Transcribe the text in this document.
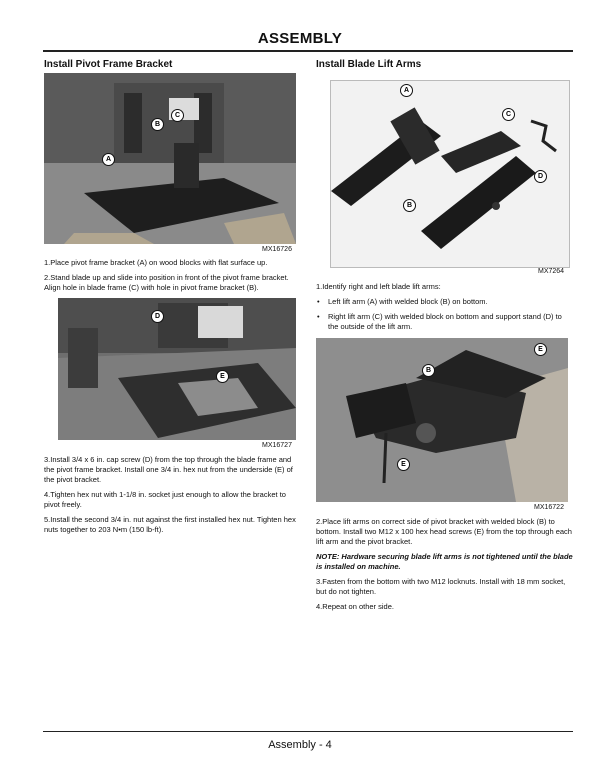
ASSEMBLY
Install Pivot Frame Bracket
C
B
A
MX16726

1.Place pivot frame bracket (A) on wood blocks with flat surface up.

2.Stand blade up and slide into position in front of the pivot frame bracket. Align hole in blade frame (C) with hole in pivot frame bracket (B).

D
E
MX16727

3.Install 3/4 x 6 in. cap screw (D) from the top through the blade frame and the pivot frame bracket. Install one 3/4 in. hex nut from the underside (E) of the pivot bracket.

4.Tighten hex nut with 1-1/8 in. socket just enough to allow the bracket to pivot freely.

5.Install the second 3/4 in. nut against the first installed hex nut. Tighten hex nuts together to 203 N•m (150 lb-ft).

Install Blade Lift Arms
A
C
D
B
MX7264

1.Identify right and left blade lift arms:

• Left lift arm (A) with welded block (B) on bottom.
• Right lift arm (C) with welded block on bottom and support stand (D) to the outside of the lift arm.
E
B
E
MX16722

2.Place lift arms on correct side of pivot bracket with welded block (B) to bottom. Install two M12 x 100 hex head screws (E) from the top through each lift arm and the pivot bracket.

NOTE: Hardware securing blade lift arms is not tightened until the blade is installed on machine.

3.Fasten from the bottom with two M12 locknuts. Install with 18 mm socket, but do not tighten.

4.Repeat on other side.

Assembly - 4
